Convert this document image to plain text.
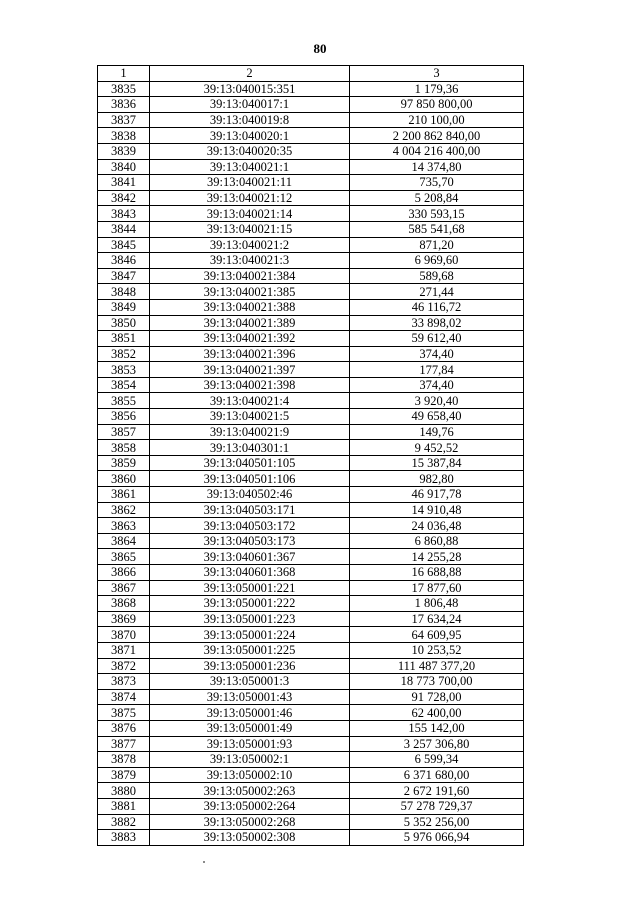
80
1	2	3
3835	39:13:040015:351	1 179,36
3836	39:13:040017:1	97 850 800,00
3837	39:13:040019:8	210 100,00
3838	39:13:040020:1	2 200 862 840,00
3839	39:13:040020:35	4 004 216 400,00
3840	39:13:040021:1	14 374,80
3841	39:13:040021:11	735,70
3842	39:13:040021:12	5 208,84
3843	39:13:040021:14	330 593,15
3844	39:13:040021:15	585 541,68
3845	39:13:040021:2	871,20
3846	39:13:040021:3	6 969,60
3847	39:13:040021:384	589,68
3848	39:13:040021:385	271,44
3849	39:13:040021:388	46 116,72
3850	39:13:040021:389	33 898,02
3851	39:13:040021:392	59 612,40
3852	39:13:040021:396	374,40
3853	39:13:040021:397	177,84
3854	39:13:040021:398	374,40
3855	39:13:040021:4	3 920,40
3856	39:13:040021:5	49 658,40
3857	39:13:040021:9	149,76
3858	39:13:040301:1	9 452,52
3859	39:13:040501:105	15 387,84
3860	39:13:040501:106	982,80
3861	39:13:040502:46	46 917,78
3862	39:13:040503:171	14 910,48
3863	39:13:040503:172	24 036,48
3864	39:13:040503:173	6 860,88
3865	39:13:040601:367	14 255,28
3866	39:13:040601:368	16 688,88
3867	39:13:050001:221	17 877,60
3868	39:13:050001:222	1 806,48
3869	39:13:050001:223	17 634,24
3870	39:13:050001:224	64 609,95
3871	39:13:050001:225	10 253,52
3872	39:13:050001:236	111 487 377,20
3873	39:13:050001:3	18 773 700,00
3874	39:13:050001:43	91 728,00
3875	39:13:050001:46	62 400,00
3876	39:13:050001:49	155 142,00
3877	39:13:050001:93	3 257 306,80
3878	39:13:050002:1	6 599,34
3879	39:13:050002:10	6 371 680,00
3880	39:13:050002:263	2 672 191,60
3881	39:13:050002:264	57 278 729,37
3882	39:13:050002:268	5 352 256,00
3883	39:13:050002:308	5 976 066,94
